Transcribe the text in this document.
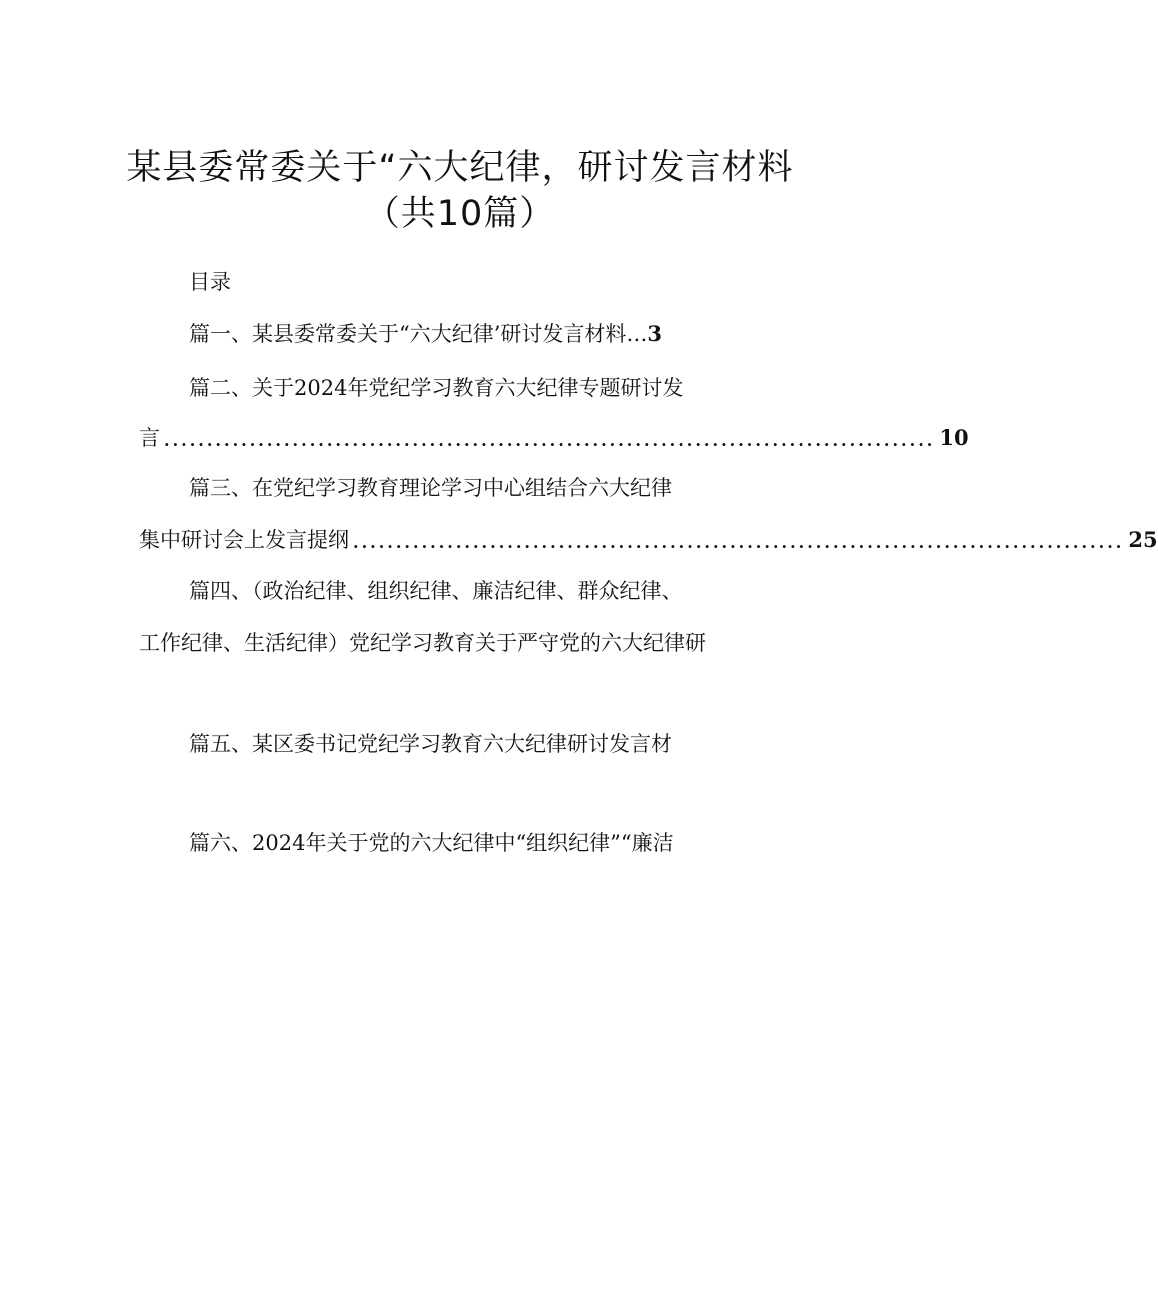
某县委常委关于“六大纪律，研讨发言材料
（共10篇）
目录
篇一、某县委常委关于“六大纪律’研讨发言材料…3
篇二、关于2024年党纪学习教育六大纪律专题研讨发
言 .......................................................................................... 10
篇三、在党纪学习教育理论学习中心组结合六大纪律
集中研讨会上发言提纲 .......................................................................................... 25
篇四、（政治纪律、组织纪律、廉洁纪律、群众纪律、
工作纪律、生活纪律）党纪学习教育关于严守党的六大纪律研
篇五、某区委书记党纪学习教育六大纪律研讨发言材
篇六、2024年关于党的六大纪律中“组织纪律”“廉洁
